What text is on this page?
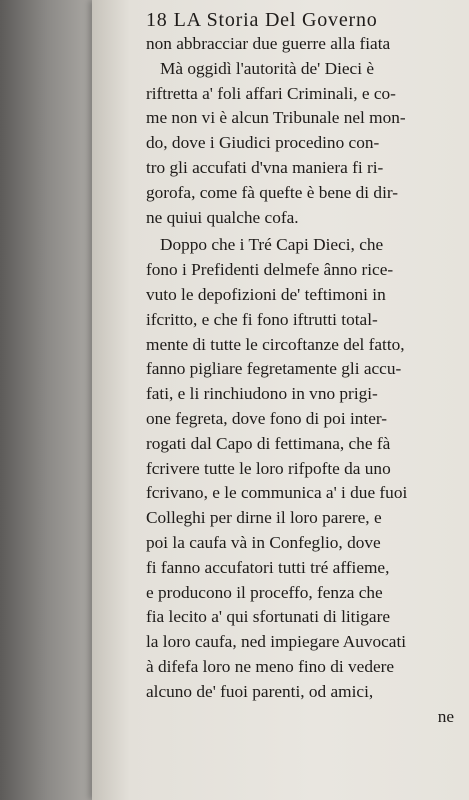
18 LA Storia Del Governo
non abbracciar due guerre alla fiata
Mà oggidì l'autorità de' Dieci è
riftretta a' foli affari Criminali, e co-
me non vi è alcun Tribunale nel mon-
do, dove i Giudici procedino con-
tro gli accufati d'vna maniera fi ri-
gorofa, come fà quefte è bene di dir-
ne quiui qualche cofa.
Doppo che i Tré Capi Dieci, che
fono i Prefidenti delmefe ânno rice-
vuto le depofizioni de' teftimoni in
ifcritto, e che fi fono iftrutti total-
mente di tutte le circoftanze del fatto,
fanno pigliare fegretamente gli accu-
fati, e li rinchiudono in vno prigi-
one fegreta, dove fono di poi inter-
rogati dal Capo di fettimana, che fà
fcrivere tutte le loro rifpofte da uno
fcrivano, e le communica a' i due fuoi
Colleghi per dirne il loro parere, e
poi la caufa và in Confeglio, dove
fi fanno accufatori tutti tré affieme,
e producono il proceffo, fenza che
fia lecito a' qui sfortunati di litigare
la loro caufa, ned impiegare Auvocati
à difefa loro ne meno fino di vedere
alcuno de' fuoi parenti, od amici,
ne
